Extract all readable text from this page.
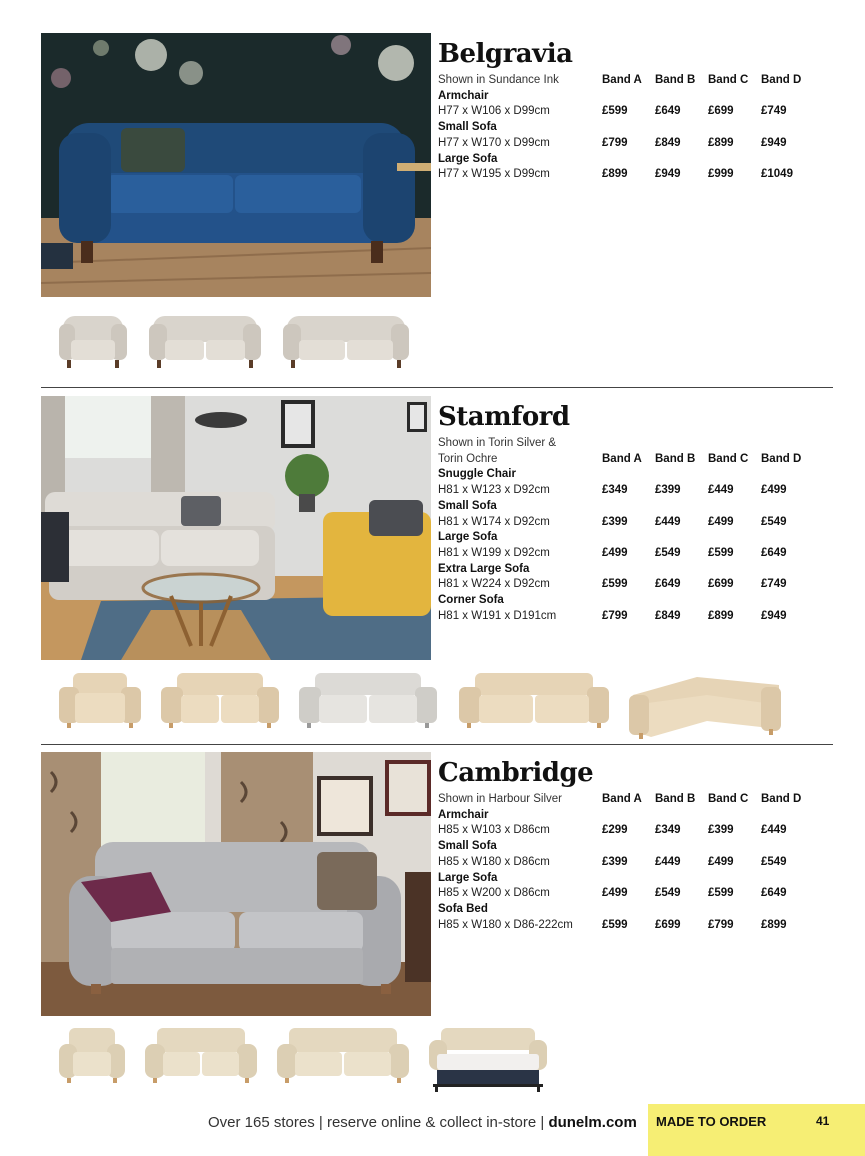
Belgravia
Shown in Sundance Ink	Band A	Band B	Band C	Band D
Armchair
H77 x W106 x D99cm	£599	£649	£699	£749
Small Sofa
H77 x W170 x D99cm	£799	£849	£899	£949
Large Sofa
H77 x W195 x D99cm	£899	£949	£999	£1049
Stamford
Shown in Torin Silver & Torin Ochre	Band A	Band B	Band C	Band D
Snuggle Chair
H81 x W123 x D92cm	£349	£399	£449	£499
Small Sofa
H81 x W174 x D92cm	£399	£449	£499	£549
Large Sofa
H81 x W199 x D92cm	£499	£549	£599	£649
Extra Large Sofa
H81 x W224 x D92cm	£599	£649	£699	£749
Corner Sofa
H81 x W191 x D191cm	£799	£849	£899	£949
Cambridge
Shown in Harbour Silver	Band A	Band B	Band C	Band D
Armchair
H85 x W103 x D86cm	£299	£349	£399	£449
Small Sofa
H85 x W180 x D86cm	£399	£449	£499	£549
Large Sofa
H85 x W200 x D86cm	£499	£549	£599	£649
Sofa Bed
H85 x W180 x D86-222cm	£599	£699	£799	£899
Over 165 stores | reserve online & collect in-store | dunelm.com MADE TO ORDER	41
